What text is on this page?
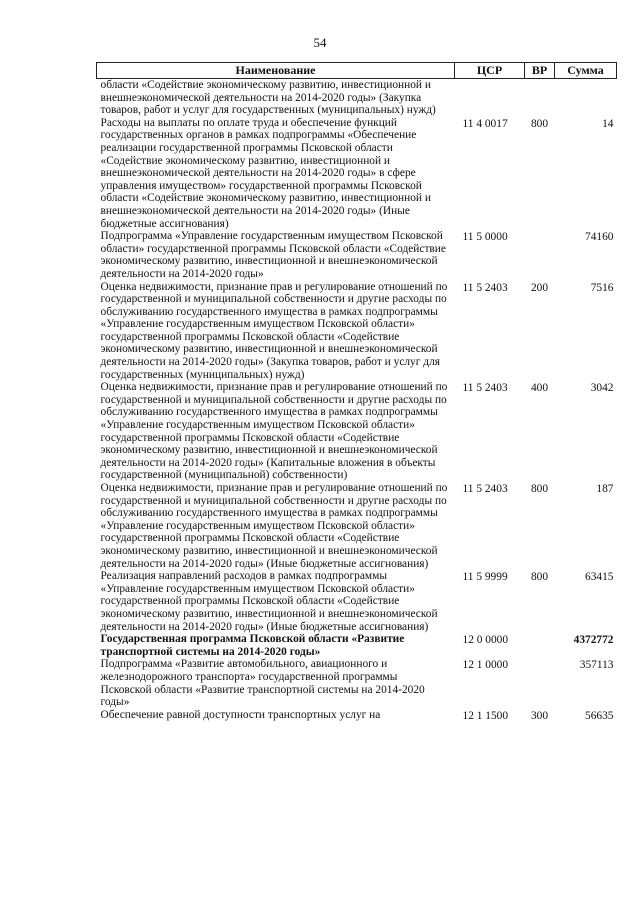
54
Наименование	ЦСР	ВР	Сумма
области «Содействие экономическому развитию, инвестиционной и внешнеэкономической деятельности на 2014-2020 годы» (Закупка товаров, работ и услуг для государственных (муниципальных) нужд)			
Расходы на выплаты по оплате труда и обеспечение функций государственных органов в рамках подпрограммы «Обеспечение реализации государственной программы Псковской области «Содействие экономическому развитию, инвестиционной и внешнеэкономической деятельности на 2014-2020 годы» в сфере управления имуществом» государственной программы Псковской области «Содействие экономическому развитию, инвестиционной и внешнеэкономической деятельности на 2014-2020 годы» (Иные бюджетные ассигнования)	11 4 0017	800	14
Подпрограмма «Управление государственным имуществом Псковской области» государственной программы Псковской области «Содействие экономическому развитию, инвестиционной и внешнеэкономической деятельности на 2014-2020 годы»	11 5 0000		74160
Оценка недвижимости, признание прав и регулирование отношений по государственной и муниципальной собственности и другие расходы по обслуживанию государственного имущества в рамках подпрограммы «Управление государственным имуществом Псковской области» государственной программы Псковской области «Содействие экономическому развитию, инвестиционной и внешнеэкономической деятельности на 2014-2020 годы» (Закупка товаров, работ и услуг для государственных (муниципальных) нужд)	11 5 2403	200	7516
Оценка недвижимости, признание прав и регулирование отношений по государственной и муниципальной собственности и другие расходы по обслуживанию государственного имущества в рамках подпрограммы «Управление государственным имуществом Псковской области» государственной программы Псковской области «Содействие экономическому развитию, инвестиционной и внешнеэкономической деятельности на 2014-2020 годы» (Капитальные вложения в объекты государственной (муниципальной) собственности)	11 5 2403	400	3042
Оценка недвижимости, признание прав и регулирование отношений по государственной и муниципальной собственности и другие расходы по обслуживанию государственного имущества в рамках подпрограммы «Управление государственным имуществом Псковской области» государственной программы Псковской области «Содействие экономическому развитию, инвестиционной и внешнеэкономической деятельности на 2014-2020 годы» (Иные бюджетные ассигнования)	11 5 2403	800	187
Реализация направлений расходов в рамках подпрограммы «Управление государственным имуществом Псковской области» государственной программы Псковской области «Содействие экономическому развитию, инвестиционной и внешнеэкономической деятельности на 2014-2020 годы» (Иные бюджетные ассигнования)	11 5 9999	800	63415
Государственная программа Псковской области «Развитие транспортной системы на 2014-2020 годы»	12 0 0000		4372772
Подпрограмма «Развитие автомобильного, авиационного и железнодорожного транспорта» государственной программы Псковской области «Развитие транспортной системы на 2014-2020 годы»	12 1 0000		357113
Обеспечение равной доступности транспортных услуг на	12 1 1500	300	56635
